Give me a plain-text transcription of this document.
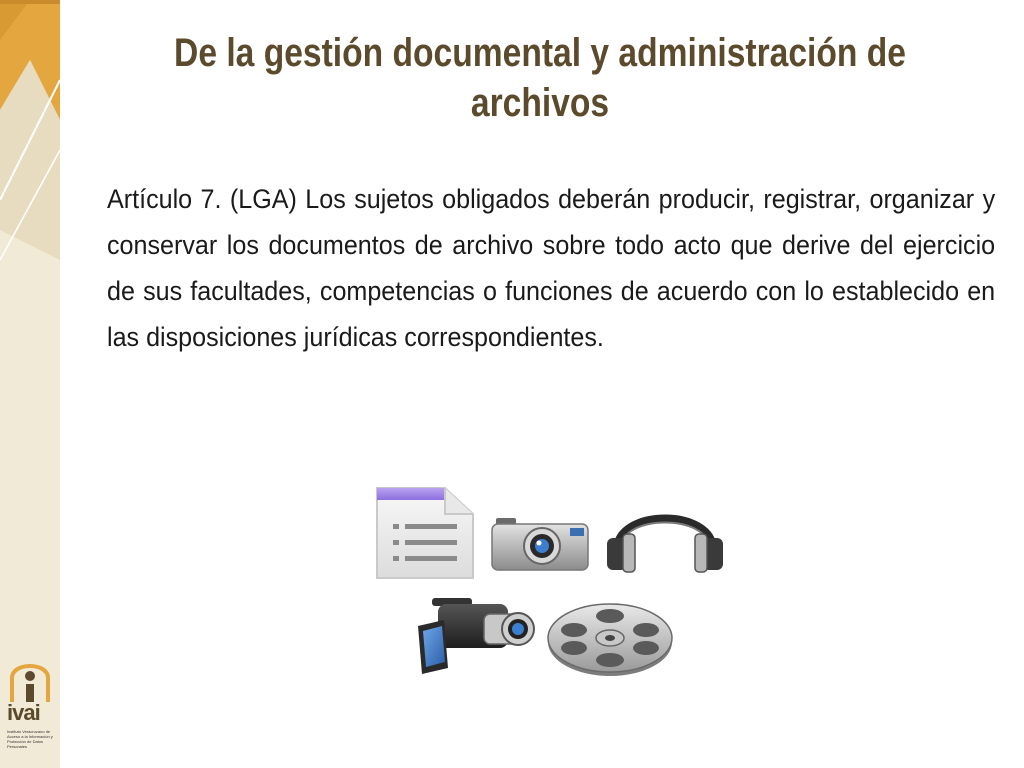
De la gestión documental y administración de archivos
Artículo 7. (LGA) Los sujetos obligados deberán producir, registrar, organizar y conservar los documentos de archivo sobre todo acto que derive del ejercicio de sus facultades, competencias o funciones de acuerdo con lo establecido en las disposiciones jurídicas correspondientes.
ivai
Instituto Veracruzano de Acceso a la Información y Protección de Datos Personales
